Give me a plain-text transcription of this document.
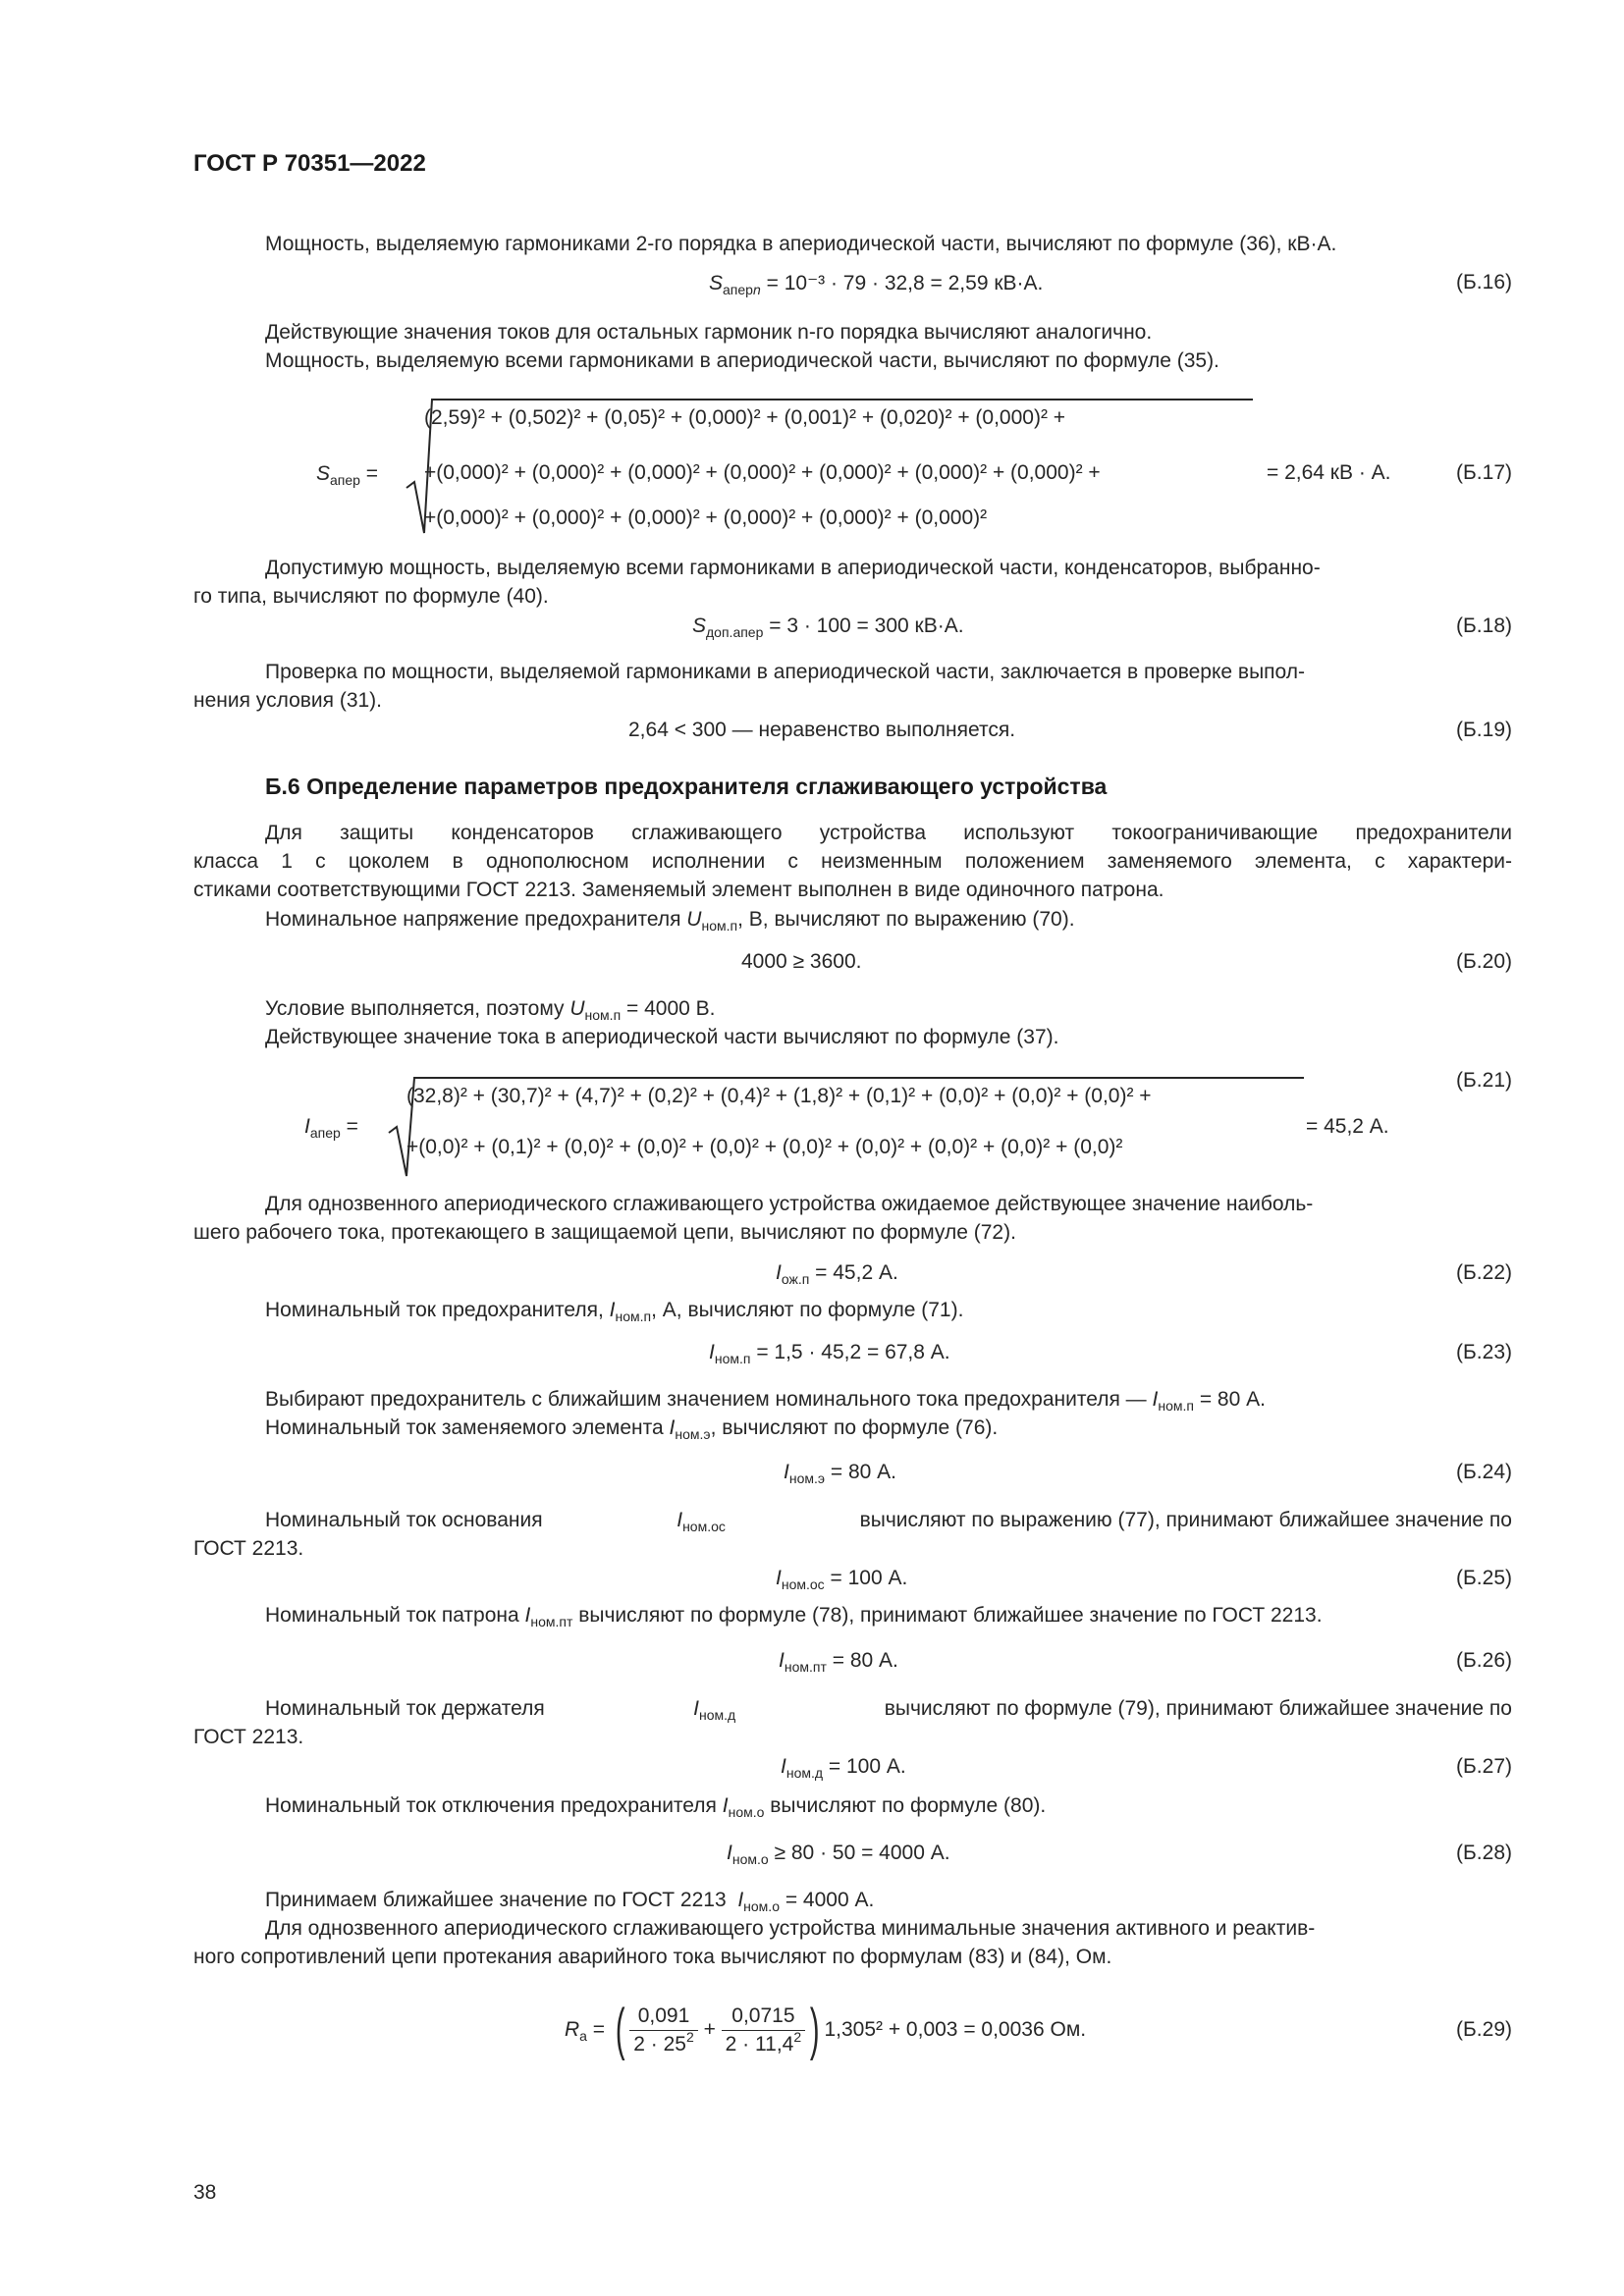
ГОСТ Р 70351—2022
Мощность, выделяемую гармониками 2-го порядка в апериодической части, вычисляют по формуле (36), кВ·А.
$S_{аперn} = 10^{-3} \cdot 79 \cdot 32,8 = 2,59$ кВ·А.	(Б.16)
Действующие значения токов для остальных гармоник n-го порядка вычисляют аналогично.
Мощность, выделяемую всеми гармониками в апериодической части, вычисляют по формуле (35).
$S_{апер}$ =
(2,59)² + (0,502)² + (0,05)² + (0,000)² + (0,001)² + (0,020)² + (0,000)² +
+(0,000)² + (0,000)² + (0,000)² + (0,000)² + (0,000)² + (0,000)² + (0,000)² +
+(0,000)² + (0,000)² + (0,000)² + (0,000)² + (0,000)² + (0,000)²
= 2,64 кВ · А.	(Б.17)
Допустимую мощность, выделяемую всеми гармониками в апериодической части, конденсаторов, выбранно-
го типа, вычисляют по формуле (40).
$S_{доп.апер} = 3 \cdot 100 = 300$ кВ·А.	(Б.18)
Проверка по мощности, выделяемой гармониками в апериодической части, заключается в проверке выпол-
нения условия (31).
2,64 < 300 — неравенство выполняется.	(Б.19)
Б.6 Определение параметров предохранителя сглаживающего устройства
Для защиты конденсаторов сглаживающего устройства используют токоограничивающие предохранители
класса 1 с цоколем в однополюсном исполнении с неизменным положением заменяемого элемента, с характери-
стиками соответствующими ГОСТ 2213. Заменяемый элемент выполнен в виде одиночного патрона.
Номинальное напряжение предохранителя $U_{ном.п}$, В, вычисляют по выражению (70).
4000 ≥ 3600.	(Б.20)
Условие выполняется, поэтому $U_{ном.п} = 4000$ В.
Действующее значение тока в апериодической части вычисляют по формуле (37).
(Б.21)
$I_{апер}$ =
(32,8)² + (30,7)² + (4,7)² + (0,2)² + (0,4)² + (1,8)² + (0,1)² + (0,0)² + (0,0)² + (0,0)² +
+(0,0)² + (0,1)² + (0,0)² + (0,0)² + (0,0)² + (0,0)² + (0,0)² + (0,0)² + (0,0)² + (0,0)²
= 45,2 А.
Для однозвенного апериодического сглаживающего устройства ожидаемое действующее значение наиболь-
шего рабочего тока, протекающего в защищаемой цепи, вычисляют по формуле (72).
$I_{ож.п} = 45,2$ А.	(Б.22)
Номинальный ток предохранителя, $I_{ном.п}$, А, вычисляют по формуле (71).
$I_{ном.п} = 1,5 \cdot 45,2 = 67,8$ А.	(Б.23)
Выбирают предохранитель с ближайшим значением номинального тока предохранителя — $I_{ном.п} = 80$ А.
Номинальный ток заменяемого элемента $I_{ном.э}$, вычисляют по формуле (76).
$I_{ном.э} = 80$ А.	(Б.24)
Номинальный ток основания	$I_{ном.ос}$	вычисляют по выражению (77), принимают ближайшее значение по
ГОСТ 2213.
$I_{ном.ос} = 100$ А.	(Б.25)
Номинальный ток патрона $I_{ном.пт}$ вычисляют по формуле (78), принимают ближайшее значение по ГОСТ 2213.
$I_{ном.пт} = 80$ А.	(Б.26)
Номинальный ток держателя	$I_{ном.д}$	вычисляют по формуле (79), принимают ближайшее значение по
ГОСТ 2213.
$I_{ном.д} = 100$ А.	(Б.27)
Номинальный ток отключения предохранителя $I_{ном.о}$ вычисляют по формуле (80).
$I_{ном.о} \ge 80 \cdot 50 = 4000$ А.	(Б.28)
Принимаем ближайшее значение по ГОСТ 2213 $I_{ном.о} = 4000$ А.
Для однозвенного апериодического сглаживающего устройства минимальные значения активного и реактив-
ного сопротивлений цепи протекания аварийного тока вычисляют по формулам (83) и (84), Ом.
$R_а$ = ( $\frac{0,091}{2 \cdot 25^2} + \frac{0,0715}{2 \cdot 11,4^2}$ ) 1,305² + 0,003 = 0,0036 Ом.	(Б.29)
38
